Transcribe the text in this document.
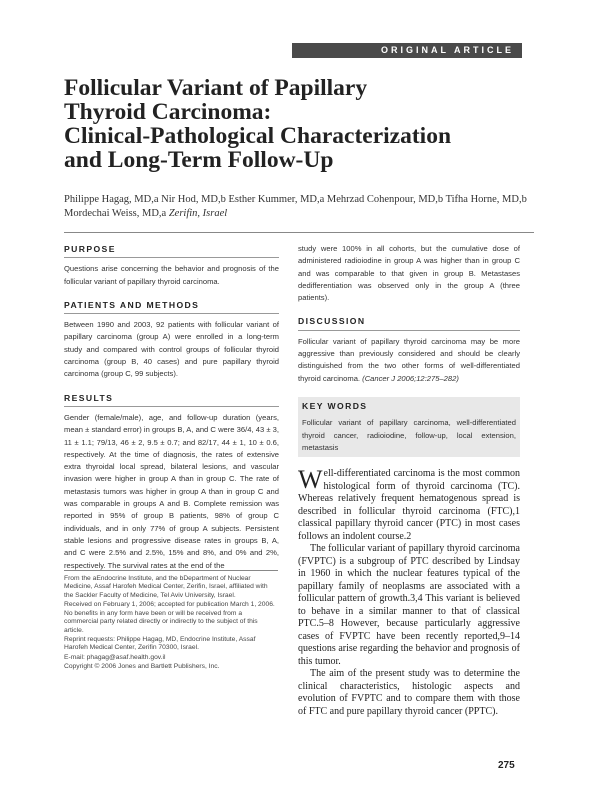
ORIGINAL ARTICLE
Follicular Variant of Papillary
Thyroid Carcinoma:
Clinical-Pathological Characterization
and Long-Term Follow-Up
Philippe Hagag, MD,a Nir Hod, MD,b Esther Kummer, MD,a Mehrzad Cohenpour, MD,b Tifha Horne, MD,b
Mordechai Weiss, MD,a Zerifin, Israel
PURPOSE

Questions arise concerning the behavior and prognosis of the follicular variant of papillary thyroid carcinoma.

PATIENTS AND METHODS

Between 1990 and 2003, 92 patients with follicular variant of papillary carcinoma (group A) were enrolled in a long-term study and compared with control groups of follicular thyroid carcinoma (group B, 40 cases) and pure papillary thyroid carcinoma (group C, 99 subjects).

RESULTS

Gender (female/male), age, and follow-up duration (years, mean ± standard error) in groups B, A, and C were 36/4, 43 ± 3, 11 ± 1.1; 79/13, 46 ± 2, 9.5 ± 0.7; and 82/17, 44 ± 1, 10 ± 0.6, respectively. At the time of diagnosis, the rates of extensive extra thyroidal local spread, bilateral lesions, and vascular invasion were higher in group A than in group C. The rate of metastasis tumors was higher in group A than in group C and was comparable in groups A and B. Complete remission was reported in 95% of group B patients, 98% of group C individuals, and in only 77% of group A subjects. Persistent stable lesions and progressive disease rates in groups B, A, and C were 2.5% and 2.5%, 15% and 8%, and 0% and 2%, respectively. The survival rates at the end of the

From the aEndocrine Institute, and the bDepartment of Nuclear Medicine, Assaf Harofeh Medical Center, Zerifin, Israel, affiliated with the Sackler Faculty of Medicine, Tel Aviv University, Israel.
Received on February 1, 2006; accepted for publication March 1, 2006.
No benefits in any form have been or will be received from a commercial party related directly or indirectly to the subject of this article.
Reprint requests: Philippe Hagag, MD, Endocrine Institute, Assaf Harofeh Medical Center, Zerifin 70300, Israel.
E-mail: phagag@asaf.health.gov.il
Copyright © 2006 Jones and Bartlett Publishers, Inc.

study were 100% in all cohorts, but the cumulative dose of administered radioiodine in group A was higher than in group C and was comparable to that given in group B. Metastases dedifferentiation was observed only in the group A (three patients).

DISCUSSION

Follicular variant of papillary thyroid carcinoma may be more aggressive than previously considered and should be clearly distinguished from the two other forms of well-differentiated thyroid carcinoma. (Cancer J 2006;12:275–282)

KEY WORDS

Follicular variant of papillary carcinoma, well-differentiated thyroid cancer, radioiodine, follow-up, local extension, metastasis

Well-differentiated carcinoma is the most common histological form of thyroid carcinoma (TC). Whereas relatively frequent hematogenous spread is described in follicular thyroid carcinoma (FTC),1 classical papillary thyroid cancer (PTC) in most cases follows an indolent course.2

The follicular variant of papillary thyroid carcinoma (FVPTC) is a subgroup of PTC described by Lindsay in 1960 in which the nuclear features typical of the papillary family of neoplasms are associated with a follicular pattern of growth.3,4 This variant is believed to behave in a similar manner to that of classical PTC.5–8 However, because particularly aggressive cases of FVPTC have been recently reported,9–14 questions arise regarding the behavior and prognosis of this tumor.

The aim of the present study was to determine the clinical characteristics, histologic aspects and evolution of FVPTC and to compare them with those of FTC and pure papillary thyroid cancer (PPTC).

275
